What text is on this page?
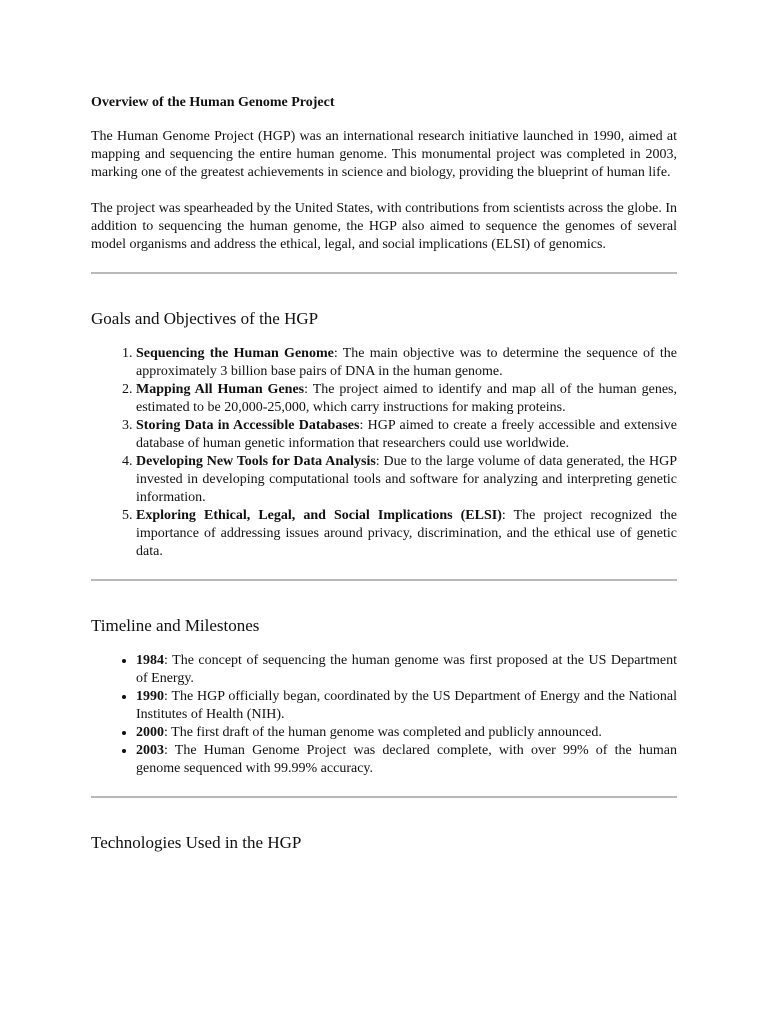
Overview of the Human Genome Project

The Human Genome Project (HGP) was an international research initiative launched in 1990, aimed at mapping and sequencing the entire human genome. This monumental project was completed in 2003, marking one of the greatest achievements in science and biology, providing the blueprint of human life.

The project was spearheaded by the United States, with contributions from scientists across the globe. In addition to sequencing the human genome, the HGP also aimed to sequence the genomes of several model organisms and address the ethical, legal, and social implications (ELSI) of genomics.

Goals and Objectives of the HGP
1. Sequencing the Human Genome: The main objective was to determine the sequence of the approximately 3 billion base pairs of DNA in the human genome.
2. Mapping All Human Genes: The project aimed to identify and map all of the human genes, estimated to be 20,000-25,000, which carry instructions for making proteins.
3. Storing Data in Accessible Databases: HGP aimed to create a freely accessible and extensive database of human genetic information that researchers could use worldwide.
4. Developing New Tools for Data Analysis: Due to the large volume of data generated, the HGP invested in developing computational tools and software for analyzing and interpreting genetic information.
5. Exploring Ethical, Legal, and Social Implications (ELSI): The project recognized the importance of addressing issues around privacy, discrimination, and the ethical use of genetic data.
Timeline and Milestones
• 1984: The concept of sequencing the human genome was first proposed at the US Department of Energy.
• 1990: The HGP officially began, coordinated by the US Department of Energy and the National Institutes of Health (NIH).
• 2000: The first draft of the human genome was completed and publicly announced.
• 2003: The Human Genome Project was declared complete, with over 99% of the human genome sequenced with 99.99% accuracy.
Technologies Used in the HGP
